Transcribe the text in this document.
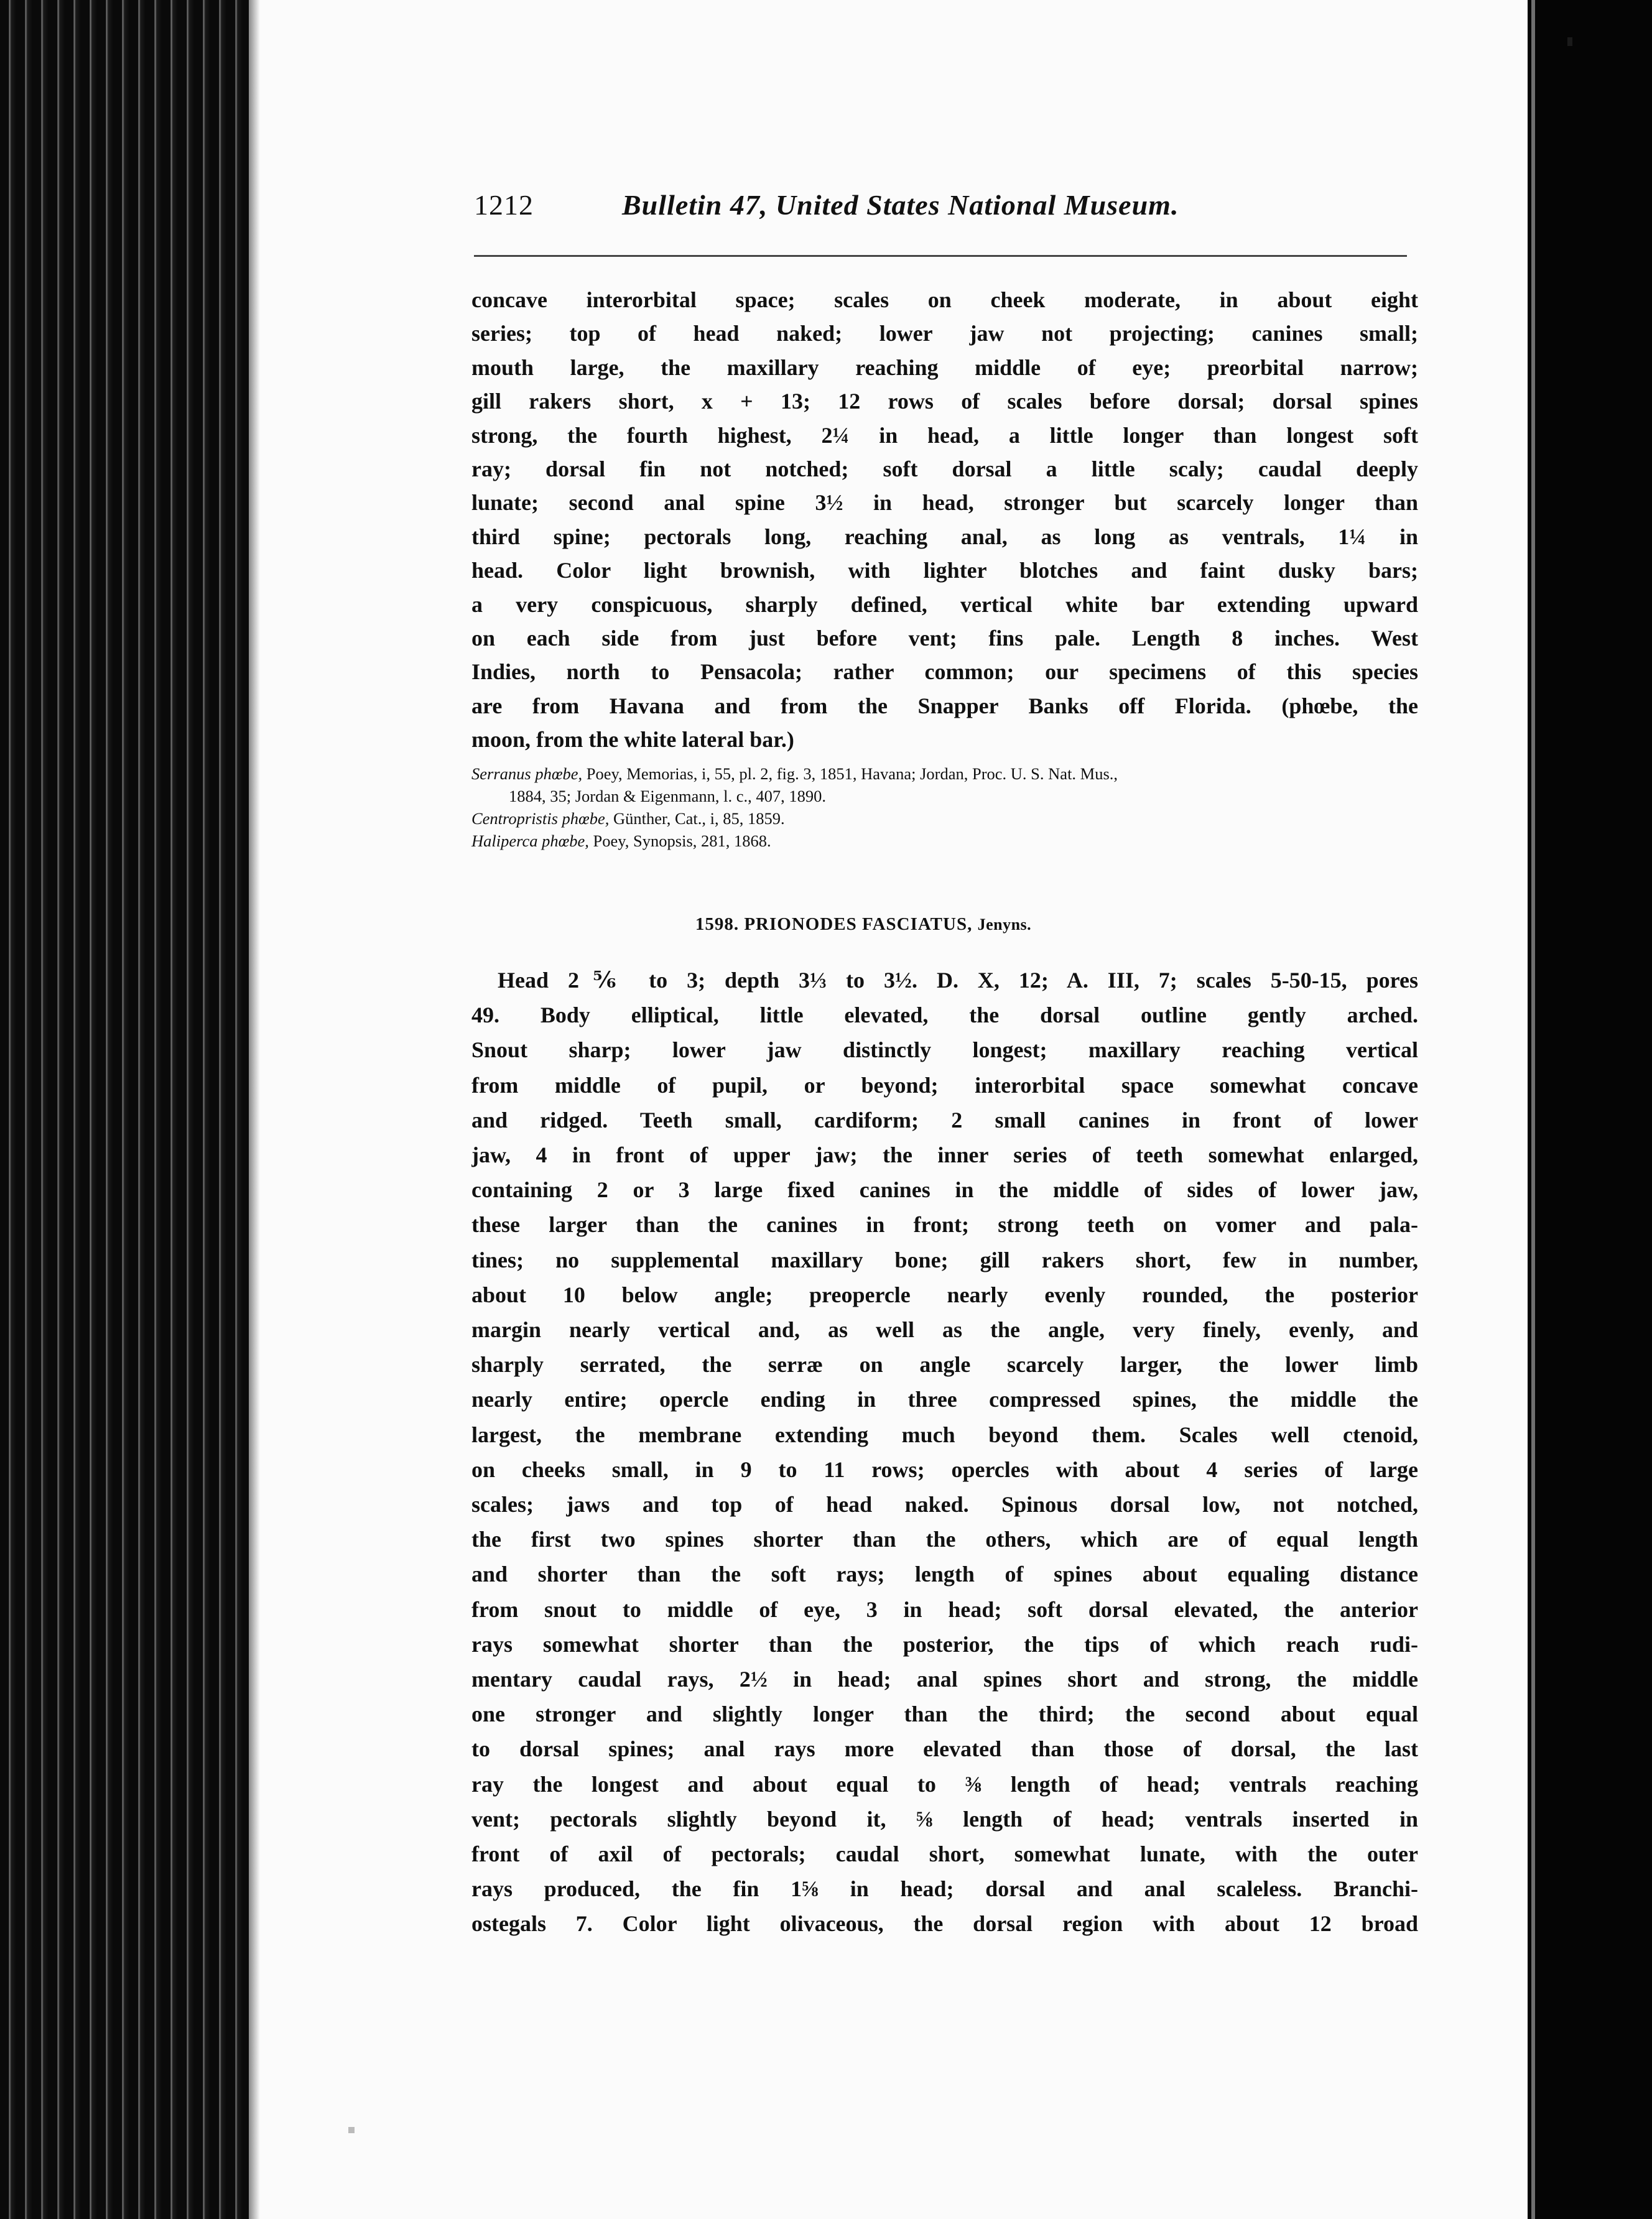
1212	Bulletin 47, United States National Museum.
concave interorbital space; scales on cheek moderate, in about eight
series; top of head naked; lower jaw not projecting; canines small;
mouth large, the maxillary reaching middle of eye; preorbital narrow;
gill rakers short, x + 13; 12 rows of scales before dorsal; dorsal spines
strong, the fourth highest, 2¼ in head, a little longer than longest soft
ray; dorsal fin not notched; soft dorsal a little scaly; caudal deeply
lunate; second anal spine 3½ in head, stronger but scarcely longer than
third spine; pectorals long, reaching anal, as long as ventrals, 1¼ in
head. Color light brownish, with lighter blotches and faint dusky bars;
a very conspicuous, sharply defined, vertical white bar extending upward
on each side from just before vent; fins pale. Length 8 inches. West
Indies, north to Pensacola; rather common; our specimens of this species
are from Havana and from the Snapper Banks off Florida. (phœbe, the
moon, from the white lateral bar.)
Serranus phœbe, Poey, Memorias, i, 55, pl. 2, fig. 3, 1851, Havana; Jordan, Proc. U. S. Nat. Mus.,
1884, 35; Jordan & Eigenmann, l. c., 407, 1890.
Centropristis phœbe, Günther, Cat., i, 85, 1859.
Haliperca phœbe, Poey, Synopsis, 281, 1868.
1598. PRIONODES FASCIATUS, Jenyns.
Head 2⅚ to 3; depth 3⅓ to 3½. D. X, 12; A. III, 7; scales 5-50-15, pores
49. Body elliptical, little elevated, the dorsal outline gently arched.
Snout sharp; lower jaw distinctly longest; maxillary reaching vertical
from middle of pupil, or beyond; interorbital space somewhat concave
and ridged. Teeth small, cardiform; 2 small canines in front of lower
jaw, 4 in front of upper jaw; the inner series of teeth somewhat enlarged,
containing 2 or 3 large fixed canines in the middle of sides of lower jaw,
these larger than the canines in front; strong teeth on vomer and pala-
tines; no supplemental maxillary bone; gill rakers short, few in number,
about 10 below angle; preopercle nearly evenly rounded, the posterior
margin nearly vertical and, as well as the angle, very finely, evenly, and
sharply serrated, the serræ on angle scarcely larger, the lower limb
nearly entire; opercle ending in three compressed spines, the middle the
largest, the membrane extending much beyond them. Scales well ctenoid,
on cheeks small, in 9 to 11 rows; opercles with about 4 series of large
scales; jaws and top of head naked. Spinous dorsal low, not notched,
the first two spines shorter than the others, which are of equal length
and shorter than the soft rays; length of spines about equaling distance
from snout to middle of eye, 3 in head; soft dorsal elevated, the anterior
rays somewhat shorter than the posterior, the tips of which reach rudi-
mentary caudal rays, 2½ in head; anal spines short and strong, the middle
one stronger and slightly longer than the third; the second about equal
to dorsal spines; anal rays more elevated than those of dorsal, the last
ray the longest and about equal to ⅜ length of head; ventrals reaching
vent; pectorals slightly beyond it, ⅝ length of head; ventrals inserted in
front of axil of pectorals; caudal short, somewhat lunate, with the outer
rays produced, the fin 1⅝ in head; dorsal and anal scaleless. Branchi-
ostegals 7. Color light olivaceous, the dorsal region with about 12 broad
